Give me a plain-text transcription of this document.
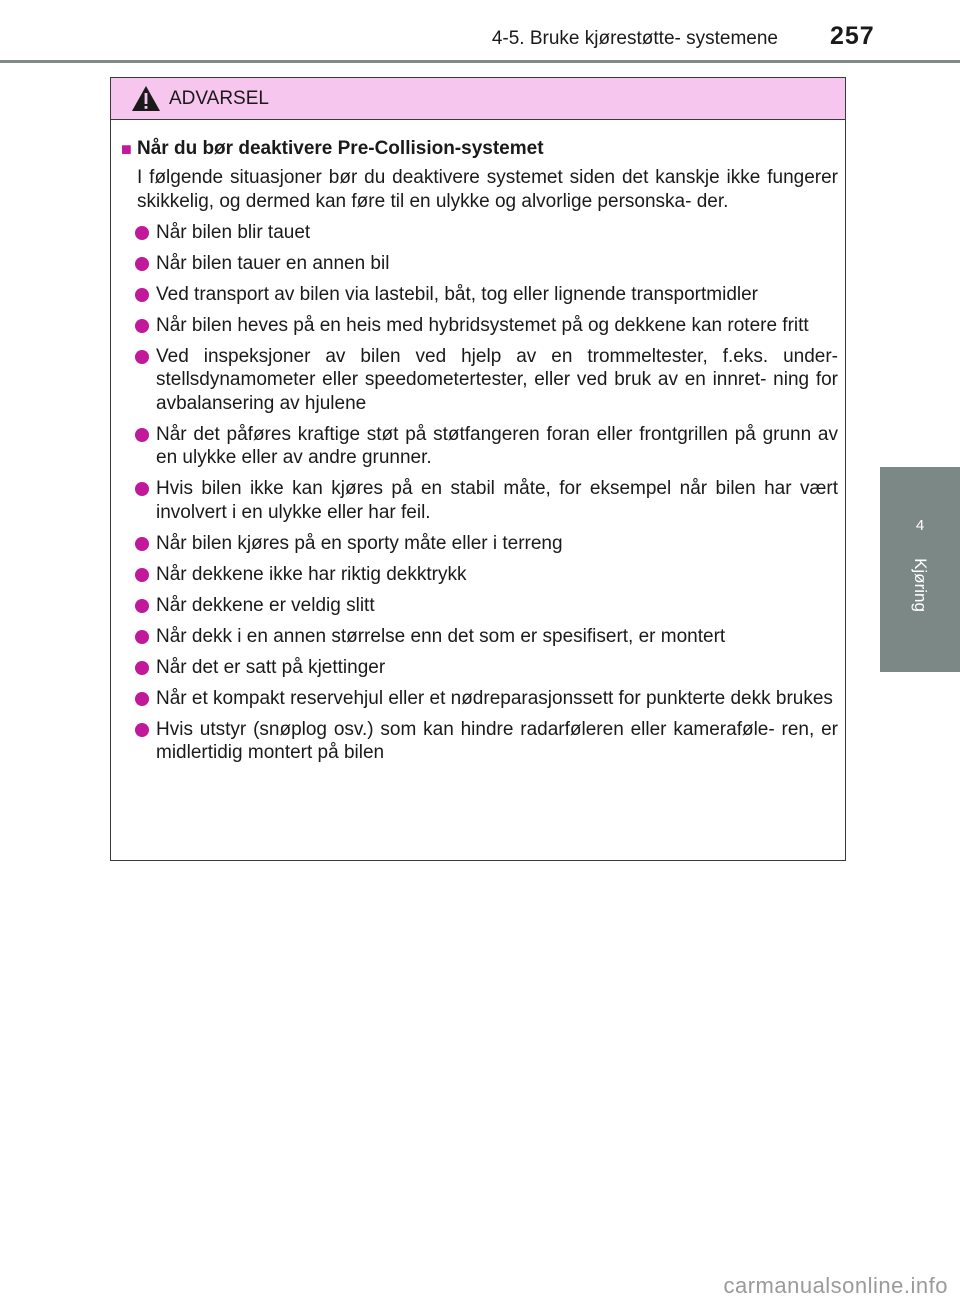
4-5. Bruke kjørestøtte- systemene 257
4
Kjøring
ADVARSEL
■ Når du bør deaktivere Pre-Collision-systemet
I følgende situasjoner bør du deaktivere systemet siden det kanskje ikke fungerer skikkelig, og dermed kan føre til en ulykke og alvorlige personska- der.
Når bilen blir tauet
Når bilen tauer en annen bil
Ved transport av bilen via lastebil, båt, tog eller lignende transportmidler
Når bilen heves på en heis med hybridsystemet på og dekkene kan rotere fritt
Ved inspeksjoner av bilen ved hjelp av en trommeltester, f.eks. under- stellsdynamometer eller speedometertester, eller ved bruk av en innret- ning for avbalansering av hjulene
Når det påføres kraftige støt på støtfangeren foran eller frontgrillen på grunn av en ulykke eller av andre grunner.
Hvis bilen ikke kan kjøres på en stabil måte, for eksempel når bilen har vært involvert i en ulykke eller har feil.
Når bilen kjøres på en sporty måte eller i terreng
Når dekkene ikke har riktig dekktrykk
Når dekkene er veldig slitt
Når dekk i en annen størrelse enn det som er spesifisert, er montert
Når det er satt på kjettinger
Når et kompakt reservehjul eller et nødreparasjonssett for punkterte dekk brukes
Hvis utstyr (snøplog osv.) som kan hindre radarføleren eller kameraføle- ren, er midlertidig montert på bilen
carmanualsonline.info
